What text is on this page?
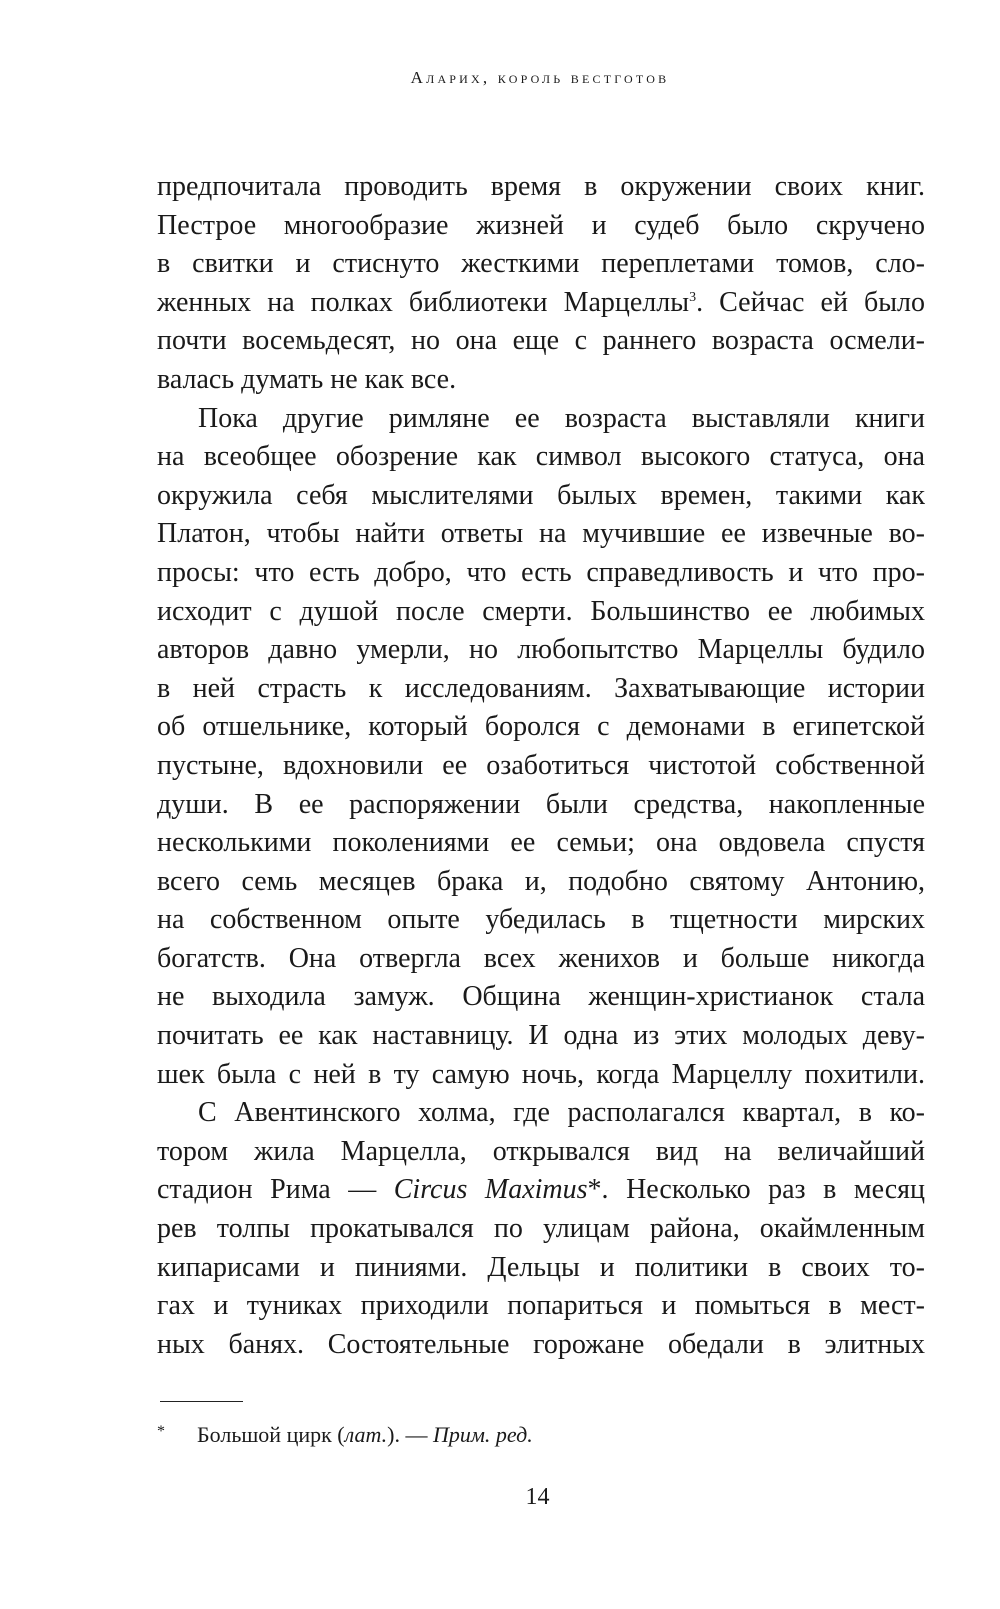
Аларих, король вестготов
предпочитала проводить время в окружении своих книг.
Пестрое многообразие жизней и судеб было скручено
в свитки и стиснуто жесткими переплетами томов, сло-
женных на полках библиотеки Марцеллы$^3$. Сейчас ей было
почти восемьдесят, но она еще с раннего возраста осмели-
валась думать не как все.
Пока другие римляне ее возраста выставляли книги
на всеобщее обозрение как символ высокого статуса, она
окружила себя мыслителями былых времен, такими как
Платон, чтобы найти ответы на мучившие ее извечные во-
просы: что есть добро, что есть справедливость и что про-
исходит с душой после смерти. Большинство ее любимых
авторов давно умерли, но любопытство Марцеллы будило
в ней страсть к исследованиям. Захватывающие истории
об отшельнике, который боролся с демонами в египетской
пустыне, вдохновили ее озаботиться чистотой собственной
души. В ее распоряжении были средства, накопленные
несколькими поколениями ее семьи; она овдовела спустя
всего семь месяцев брака и, подобно святому Антонию,
на собственном опыте убедилась в тщетности мирских
богатств. Она отвергла всех женихов и больше никогда
не выходила замуж. Община женщин-христианок стала
почитать ее как наставницу. И одна из этих молодых деву-
шек была с ней в ту самую ночь, когда Марцеллу похитили.
С Авентинского холма, где располагался квартал, в ко-
тором жила Марцелла, открывался вид на величайший
стадион Рима — Circus Maximus*. Несколько раз в месяц
рев толпы прокатывался по улицам района, окаймленным
кипарисами и пиниями. Дельцы и политики в своих то-
гах и туниках приходили попариться и помыться в мест-
ных банях. Состоятельные горожане обедали в элитных
* Большой цирк (лат.). — Прим. ред.
14
